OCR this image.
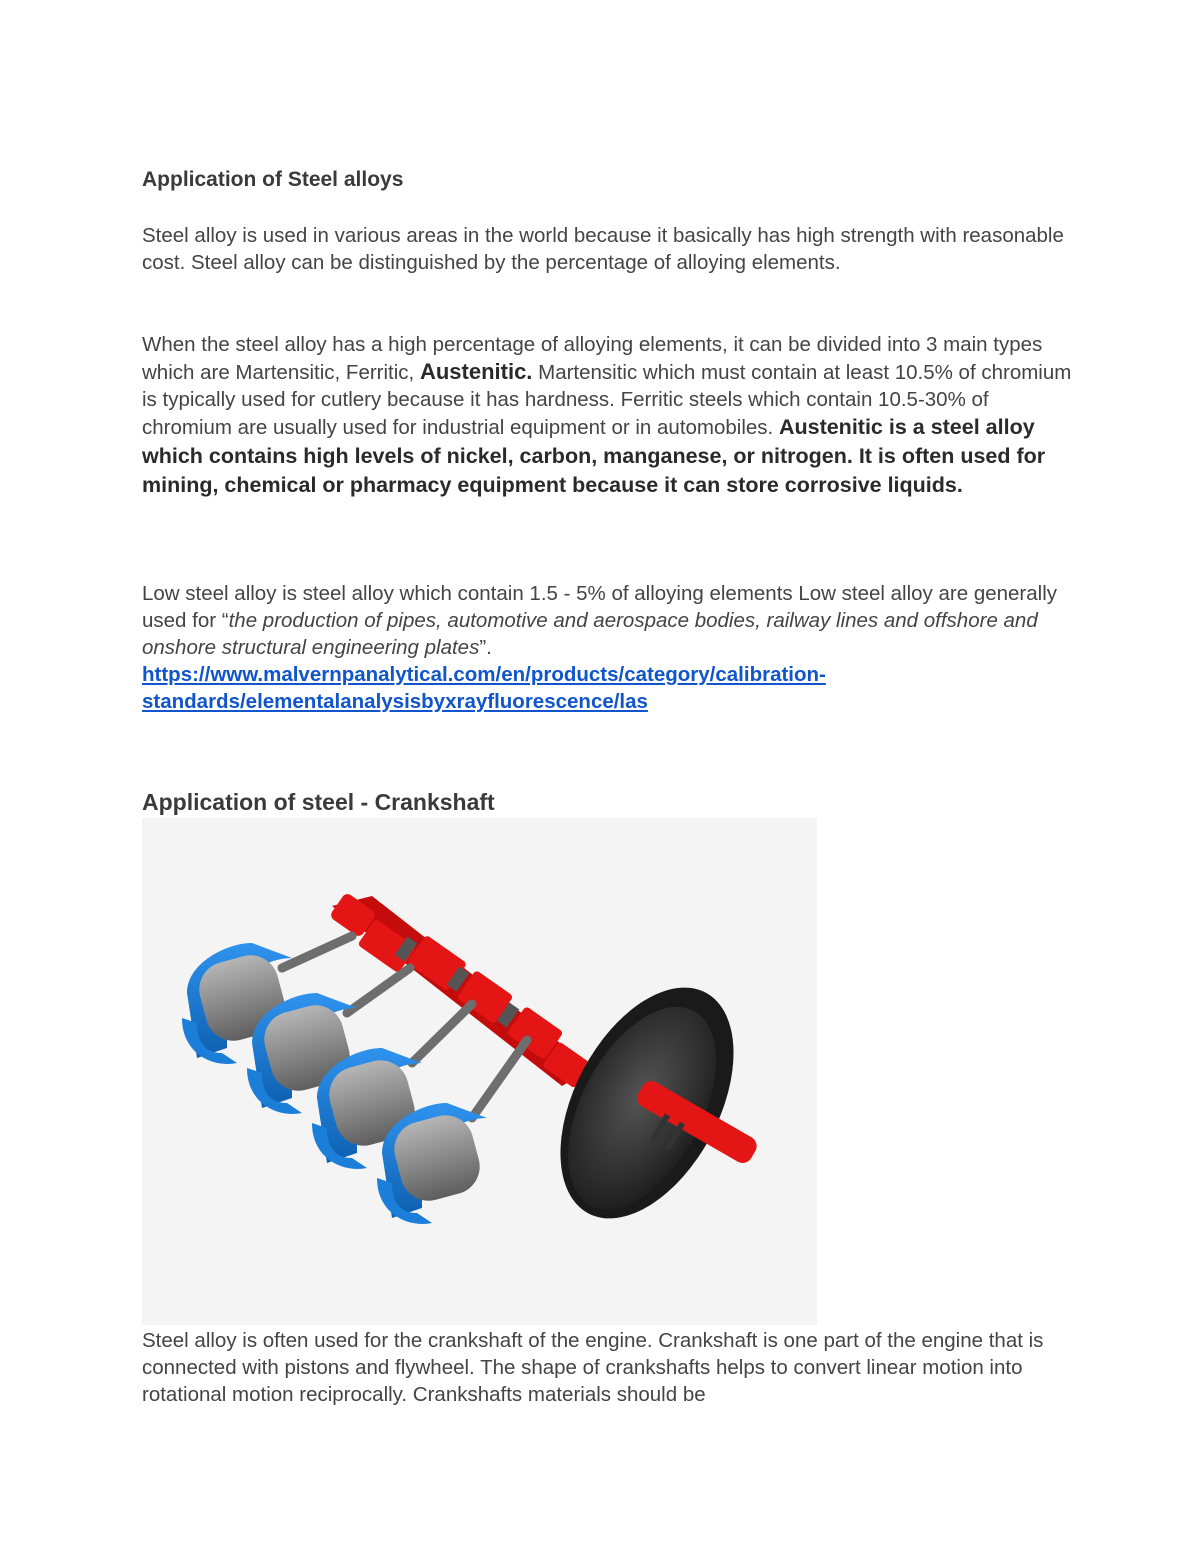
Application of Steel alloys

Steel alloy is used in various areas in the world because it basically has high strength with reasonable cost. Steel alloy can be distinguished by the percentage of alloying elements.

When the steel alloy has a high percentage of alloying elements, it can be divided into 3 main types which are Martensitic, Ferritic, Austenitic. Martensitic which must contain at least 10.5% of chromium is typically used for cutlery because it has hardness. Ferritic steels which contain 10.5-30% of chromium are usually used for industrial equipment or in automobiles. Austenitic is a steel alloy which contains high levels of nickel, carbon, manganese, or nitrogen. It is often used for mining, chemical or pharmacy equipment because it can store corrosive liquids.

Low steel alloy is steel alloy which contain 1.5 - 5% of alloying elements Low steel alloy are generally used for “the production of pipes, automotive and aerospace bodies, railway lines and offshore and onshore structural engineering plates”.
https://www.malvernpanalytical.com/en/products/category/calibration-
standards/elementalanalysisbyxrayfluorescence/las

Application of steel - Crankshaft

Steel alloy is often used for the crankshaft of the engine. Crankshaft is one part of the engine that is connected with pistons and flywheel. The shape of crankshafts helps to convert linear motion into rotational motion reciprocally. Crankshafts materials should be
